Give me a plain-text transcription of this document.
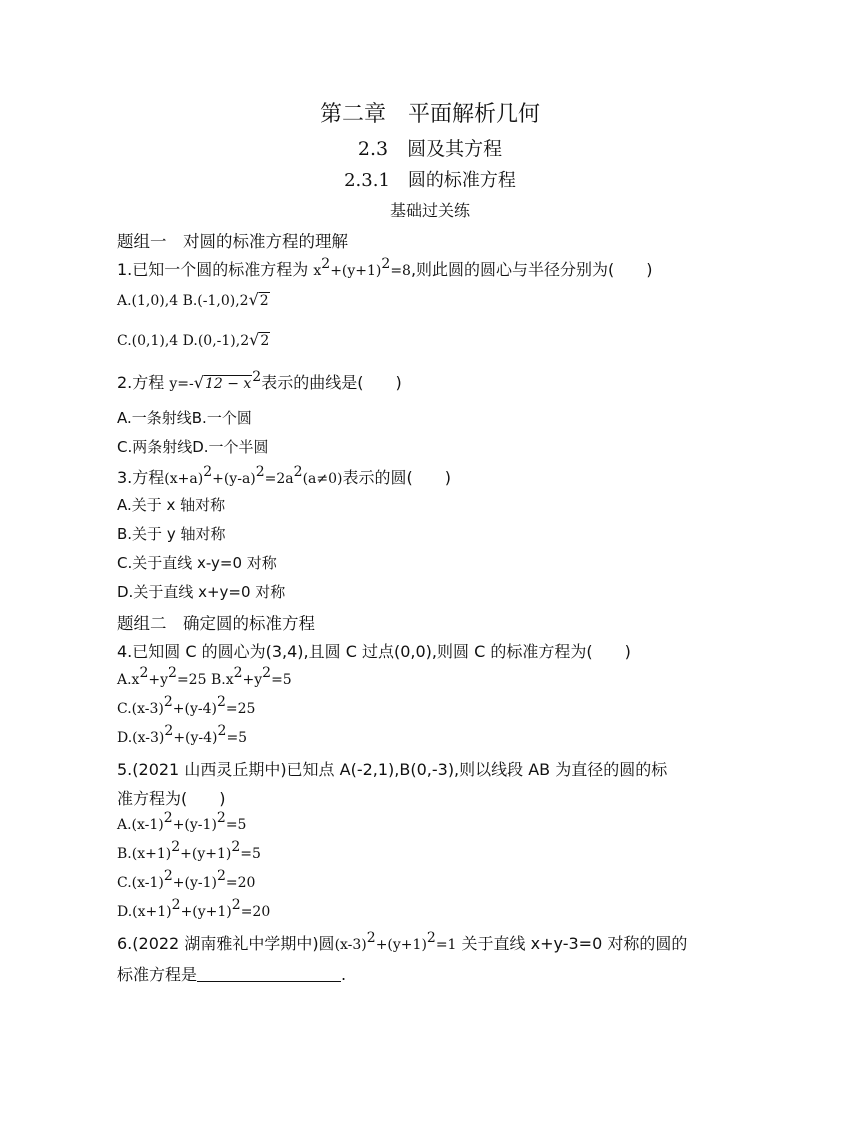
第二章　平面解析几何
2.3　圆及其方程
2.3.1　圆的标准方程
基础过关练
题组一　对圆的标准方程的理解
1.已知一个圆的标准方程为 $x^2+(y+1)^2=8$,则此圆的圆心与半径分别为(　　)
A.(1,0),4 B.(-1,0),2√2
C.(0,1),4 D.(0,-1),2√2
2.方程 $y=-√12 - x^2$表示的曲线是(　　)
A.一条射线B.一个圆
C.两条射线D.一个半圆
3.方程$(x+a)^2+(y-a)^2=2a^2(a\ne 0)$表示的圆(　　)
A.关于 x 轴对称
B.关于 y 轴对称
C.关于直线 x-y=0 对称
D.关于直线 x+y=0 对称
题组二　确定圆的标准方程
4.已知圆 C 的圆心为(3,4),且圆 C 过点(0,0),则圆 C 的标准方程为(　　)
$A.x^2+y^2=25$ $B.x^2+y^2=5$
$C.(x-3)^2+(y-4)^2=25$
$D.(x-3)^2+(y-4)^2=5$
5.(2021 山西灵丘期中)已知点 A(-2,1),B(0,-3),则以线段 AB 为直径的圆的标
准方程为(　　)
$A.(x-1)^2+(y-1)^2=5$
$B.(x+1)^2+(y+1)^2=5$
$C.(x-1)^2+(y-1)^2=20$
$D.(x+1)^2+(y+1)^2=20$
6.(2022 湖南雅礼中学期中)圆$(x-3)^2+(y+1)^2=1$ 关于直线 x+y-3=0 对称的圆的
标准方程是	.
